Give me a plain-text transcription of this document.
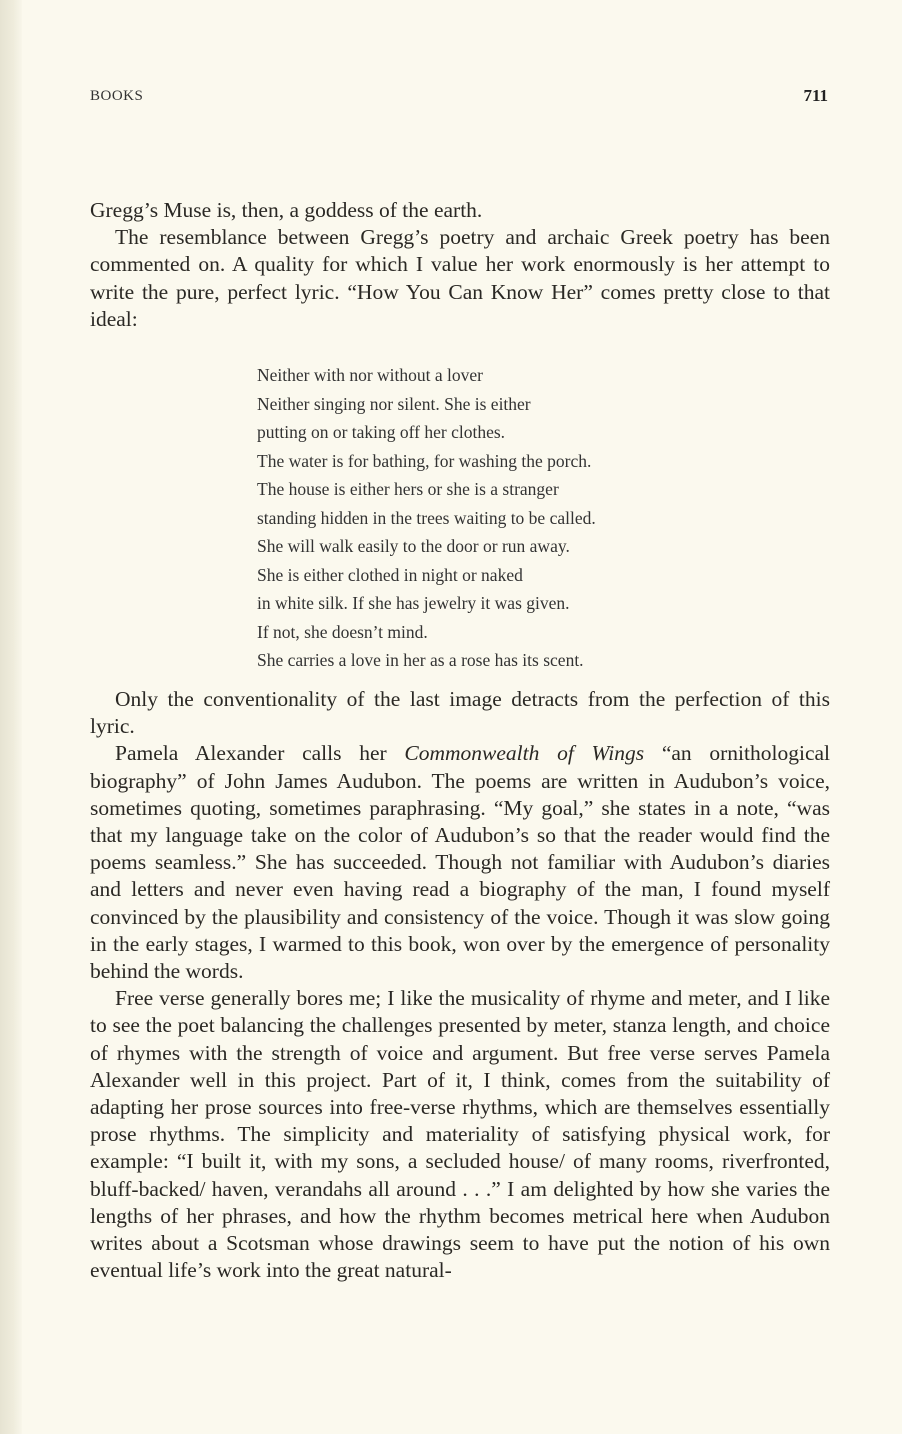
BOOKS	711

Gregg’s Muse is, then, a goddess of the earth.

The resemblance between Gregg’s poetry and archaic Greek poetry has been commented on. A quality for which I value her work enormously is her attempt to write the pure, perfect lyric. “How You Can Know Her” comes pretty close to that ideal:

Neither with nor without a lover
Neither singing nor silent. She is either
putting on or taking off her clothes.
The water is for bathing, for washing the porch.
The house is either hers or she is a stranger
standing hidden in the trees waiting to be called.
She will walk easily to the door or run away.
She is either clothed in night or naked
in white silk. If she has jewelry it was given.
If not, she doesn’t mind.
She carries a love in her as a rose has its scent.

Only the conventionality of the last image detracts from the perfection of this lyric.

Pamela Alexander calls her Commonwealth of Wings “an ornithological biography” of John James Audubon. The poems are written in Audubon’s voice, sometimes quoting, sometimes paraphrasing. “My goal,” she states in a note, “was that my language take on the color of Audubon’s so that the reader would find the poems seamless.” She has succeeded. Though not familiar with Audubon’s diaries and letters and never even having read a biography of the man, I found myself convinced by the plausibility and consistency of the voice. Though it was slow going in the early stages, I warmed to this book, won over by the emergence of personality behind the words.

Free verse generally bores me; I like the musicality of rhyme and meter, and I like to see the poet balancing the challenges presented by meter, stanza length, and choice of rhymes with the strength of voice and argument. But free verse serves Pamela Alexander well in this project. Part of it, I think, comes from the suitability of adapting her prose sources into free-verse rhythms, which are themselves essentially prose rhythms. The simplicity and materiality of satisfying physical work, for example: “I built it, with my sons, a secluded house/ of many rooms, riverfronted, bluff-backed/ haven, verandahs all around . . .” I am delighted by how she varies the lengths of her phrases, and how the rhythm becomes metrical here when Audubon writes about a Scotsman whose drawings seem to have put the notion of his own eventual life’s work into the great natural-
